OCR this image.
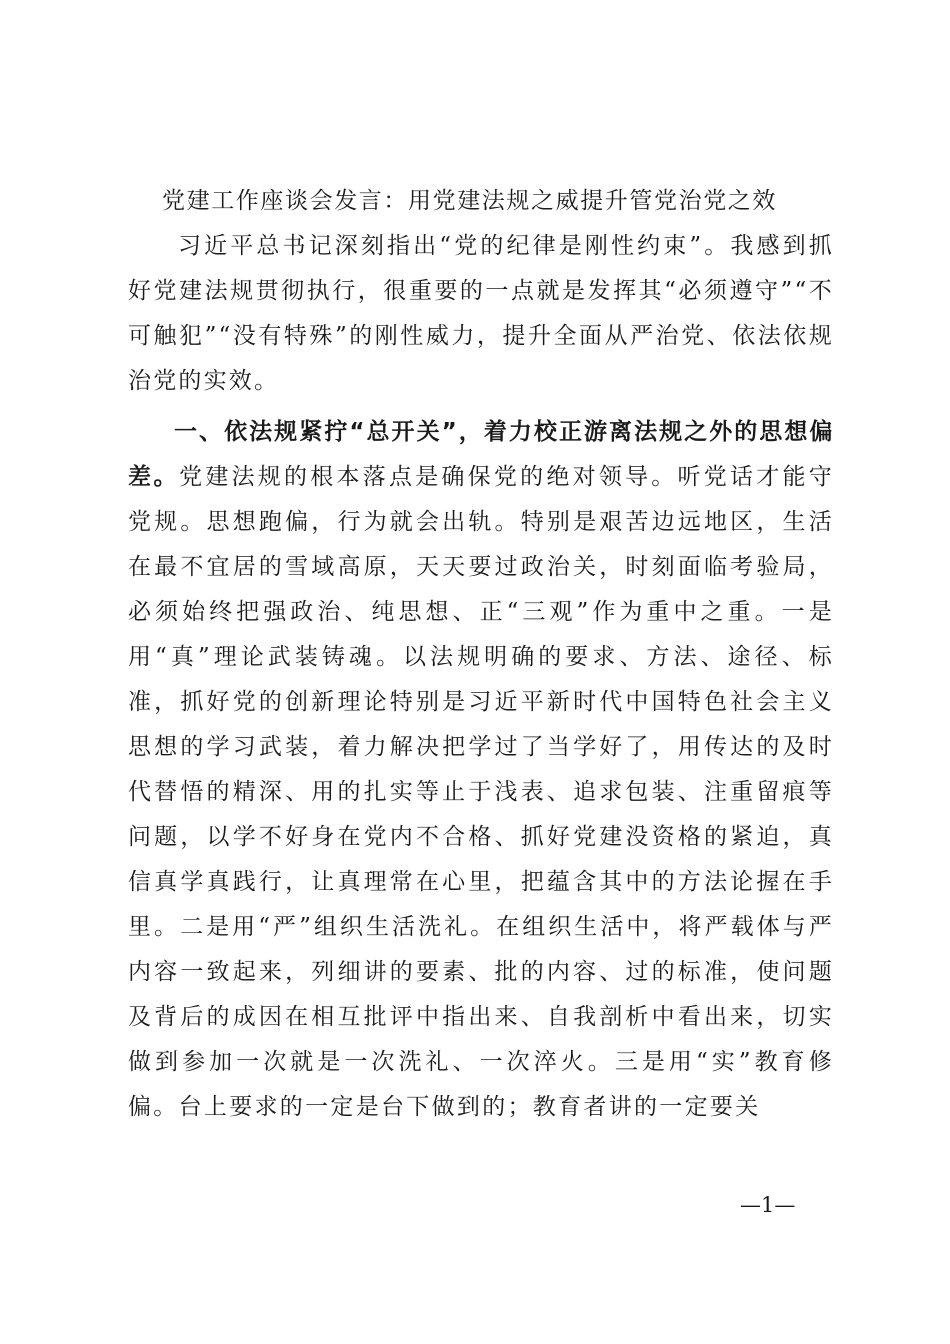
党建工作座谈会发言：用党建法规之威提升管党治党之效

习近平总书记深刻指出“党的纪律是刚性约束”。我感到抓好党建法规贯彻执行，很重要的一点就是发挥其“必须遵守”“不可触犯”“没有特殊”的刚性威力，提升全面从严治党、依法依规治党的实效。

一、依法规紧拧“总开关”，着力校正游离法规之外的思想偏差。党建法规的根本落点是确保党的绝对领导。听党话才能守党规。思想跑偏，行为就会出轨。特别是艰苦边远地区，生活在最不宜居的雪域高原，天天要过政治关，时刻面临考验局，必须始终把强政治、纯思想、正“三观”作为重中之重。一是用“真”理论武装铸魂。以法规明确的要求、方法、途径、标准，抓好党的创新理论特别是习近平新时代中国特色社会主义思想的学习武装，着力解决把学过了当学好了，用传达的及时代替悟的精深、用的扎实等止于浅表、追求包装、注重留痕等问题，以学不好身在党内不合格、抓好党建没资格的紧迫，真信真学真践行，让真理常在心里，把蕴含其中的方法论握在手里。二是用“严”组织生活洗礼。在组织生活中，将严载体与严内容一致起来，列细讲的要素、批的内容、过的标准，使问题及背后的成因在相互批评中指出来、自我剖析中看出来，切实做到参加一次就是一次洗礼、一次淬火。三是用“实”教育修偏。台上要求的一定是台下做到的；教育者讲的一定要关

—1—
